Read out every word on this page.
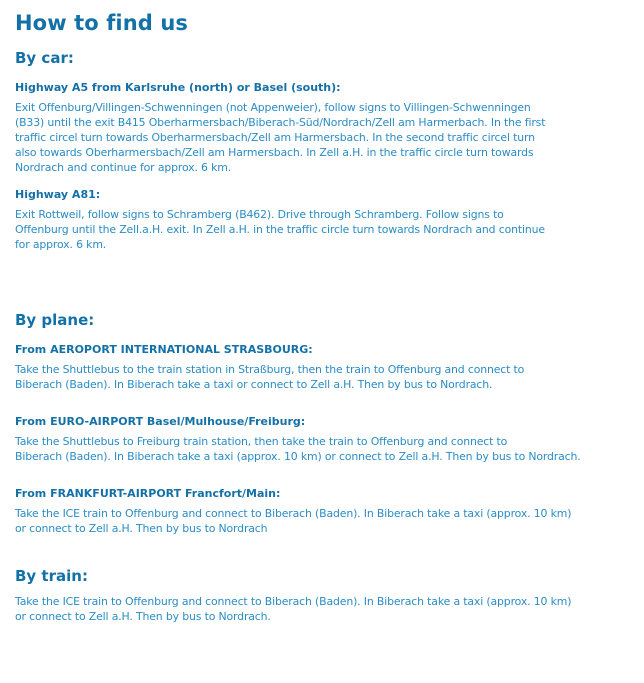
How to find us
By car:
Highway A5 from Karlsruhe (north) or Basel (south):
Exit Offenburg/Villingen-Schwenningen (not Appenweier), follow signs to Villingen-Schwenningen
(B33) until the exit B415 Oberharmersbach/Biberach-Süd/Nordrach/Zell am Harmerbach. In the first
traffic circel turn towards Oberharmersbach/Zell am Harmersbach. In the second traffic circel turn
also towards Oberharmersbach/Zell am Harmersbach. In Zell a.H. in the traffic circle turn towards
Nordrach and continue for approx. 6 km.
Highway A81:
Exit Rottweil, follow signs to Schramberg (B462). Drive through Schramberg. Follow signs to
Offenburg until the Zell.a.H. exit. In Zell a.H. in the traffic circle turn towards Nordrach and continue
for approx. 6 km.
By plane:
From AEROPORT INTERNATIONAL STRASBOURG:
Take the Shuttlebus to the train station in Straßburg, then the train to Offenburg and connect to
Biberach (Baden). In Biberach take a taxi or connect to Zell a.H. Then by bus to Nordrach.
From EURO-AIRPORT Basel/Mulhouse/Freiburg:
Take the Shuttlebus to Freiburg train station, then take the train to Offenburg and connect to
Biberach (Baden). In Biberach take a taxi (approx. 10 km) or connect to Zell a.H. Then by bus to Nordrach.
From FRANKFURT-AIRPORT Francfort/Main:
Take the ICE train to Offenburg and connect to Biberach (Baden). In Biberach take a taxi (approx. 10 km)
or connect to Zell a.H. Then by bus to Nordrach
By train:
Take the ICE train to Offenburg and connect to Biberach (Baden). In Biberach take a taxi (approx. 10 km)
or connect to Zell a.H. Then by bus to Nordrach.
